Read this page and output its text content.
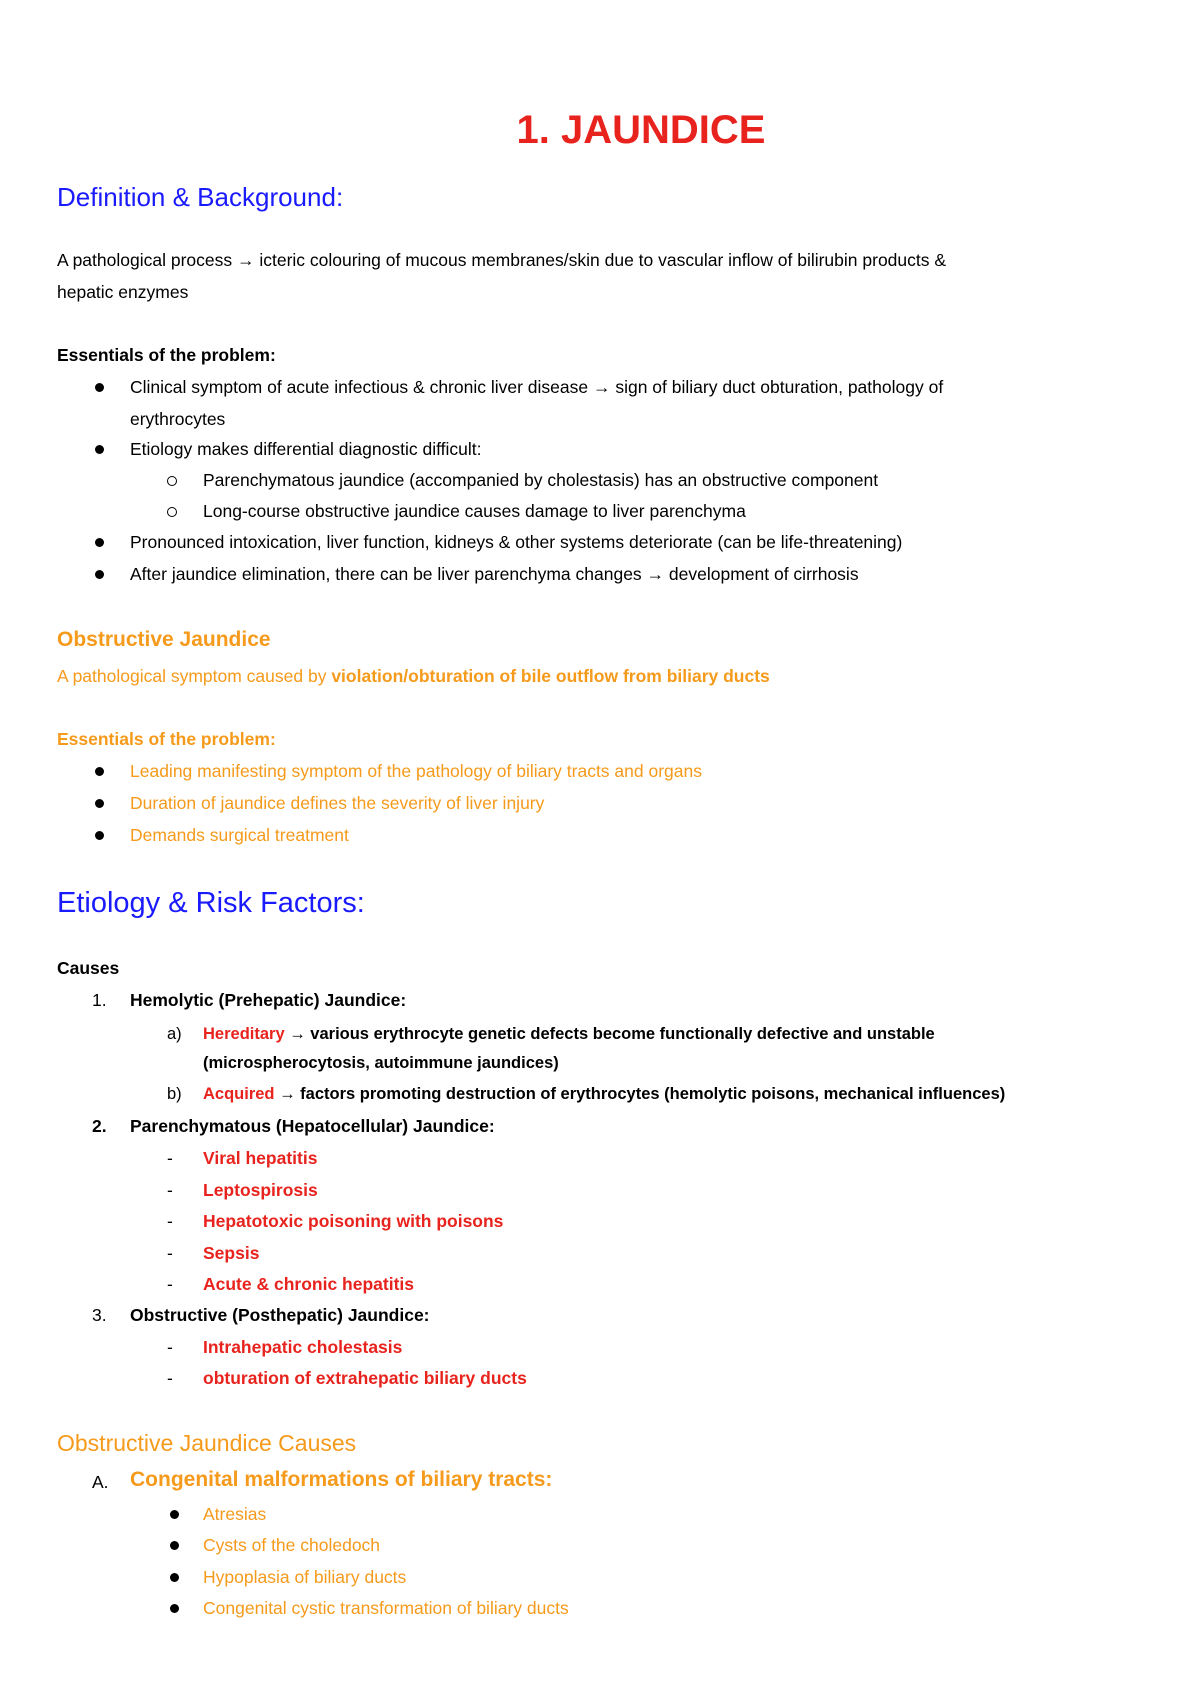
1. JAUNDICE
Definition & Background:
A pathological process → icteric colouring of mucous membranes/skin due to vascular inflow of bilirubin products &
hepatic enzymes
Essentials of the problem:
Clinical symptom of acute infectious & chronic liver disease → sign of biliary duct obturation, pathology of
erythrocytes
Etiology makes differential diagnostic difficult:
Parenchymatous jaundice (accompanied by cholestasis) has an obstructive component
Long-course obstructive jaundice causes damage to liver parenchyma
Pronounced intoxication, liver function, kidneys & other systems deteriorate (can be life-threatening)
After jaundice elimination, there can be liver parenchyma changes → development of cirrhosis
Obstructive Jaundice
A pathological symptom caused by violation/obturation of bile outflow from biliary ducts
Essentials of the problem:
Leading manifesting symptom of the pathology of biliary tracts and organs
Duration of jaundice defines the severity of liver injury
Demands surgical treatment
Etiology & Risk Factors:
Causes
1. Hemolytic (Prehepatic) Jaundice:
a) Hereditary → various erythrocyte genetic defects become functionally defective and unstable
(microspherocytosis, autoimmune jaundices)
b) Acquired → factors promoting destruction of erythrocytes (hemolytic poisons, mechanical influences)
2. Parenchymatous (Hepatocellular) Jaundice:
- Viral hepatitis
- Leptospirosis
- Hepatotoxic poisoning with poisons
- Sepsis
- Acute & chronic hepatitis
3. Obstructive (Posthepatic) Jaundice:
- Intrahepatic cholestasis
- obturation of extrahepatic biliary ducts
Obstructive Jaundice Causes
A. Congenital malformations of biliary tracts:
Atresias
Cysts of the choledoch
Hypoplasia of biliary ducts
Congenital cystic transformation of biliary ducts
